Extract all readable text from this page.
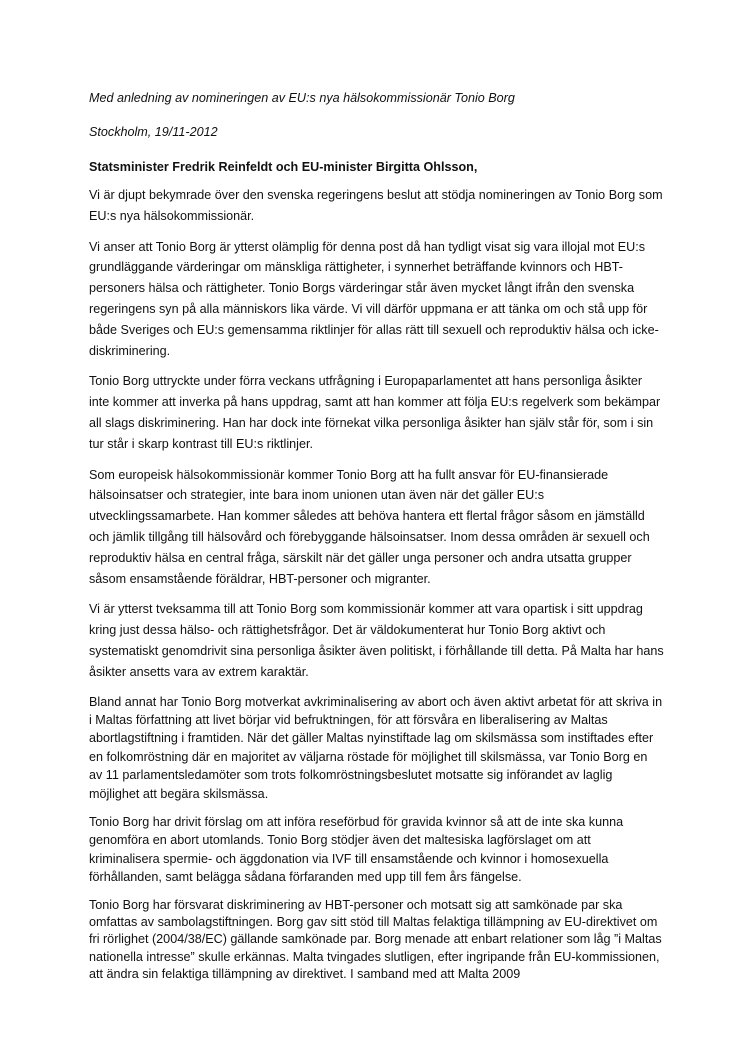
Med anledning av nomineringen av EU:s nya hälsokommissionär Tonio Borg

Stockholm, 19/11-2012

Statsminister Fredrik Reinfeldt och EU-minister Birgitta Ohlsson,

Vi är djupt bekymrade över den svenska regeringens beslut att stödja nomineringen av Tonio Borg som EU:s nya hälsokommissionär.

Vi anser att Tonio Borg är ytterst olämplig för denna post då han tydligt visat sig vara illojal mot EU:s grundläggande värderingar om mänskliga rättigheter, i synnerhet beträffande kvinnors och HBT-personers hälsa och rättigheter. Tonio Borgs värderingar står även mycket långt ifrån den svenska regeringens syn på alla människors lika värde. Vi vill därför uppmana er att tänka om och stå upp för både Sveriges och EU:s gemensamma riktlinjer för allas rätt till sexuell och reproduktiv hälsa och icke-diskriminering.

Tonio Borg uttryckte under förra veckans utfrågning i Europaparlamentet att hans personliga åsikter inte kommer att inverka på hans uppdrag, samt att han kommer att följa EU:s regelverk som bekämpar all slags diskriminering. Han har dock inte förnekat vilka personliga åsikter han själv står för, som i sin tur står i skarp kontrast till EU:s riktlinjer.

Som europeisk hälsokommissionär kommer Tonio Borg att ha fullt ansvar för EU-finansierade hälsoinsatser och strategier, inte bara inom unionen utan även när det gäller EU:s utvecklingssamarbete. Han kommer således att behöva hantera ett flertal frågor såsom en jämställd och jämlik tillgång till hälsovård och förebyggande hälsoinsatser. Inom dessa områden är sexuell och reproduktiv hälsa en central fråga, särskilt när det gäller unga personer och andra utsatta grupper såsom ensamstående föräldrar, HBT-personer och migranter.

Vi är ytterst tveksamma till att Tonio Borg som kommissionär kommer att vara opartisk i sitt uppdrag kring just dessa hälso- och rättighetsfrågor. Det är väldokumenterat hur Tonio Borg aktivt och systematiskt genomdrivit sina personliga åsikter även politiskt, i förhållande till detta. På Malta har hans åsikter ansetts vara av extrem karaktär.

Bland annat har Tonio Borg motverkat avkriminalisering av abort och även aktivt arbetat för att skriva in i Maltas författning att livet börjar vid befruktningen, för att försvåra en liberalisering av Maltas abortlagstiftning i framtiden. När det gäller Maltas nyinstiftade lag om skilsmässa som instiftades efter en folkomröstning där en majoritet av väljarna röstade för möjlighet till skilsmässa, var Tonio Borg en av 11 parlamentsledamöter som trots folkomröstningsbeslutet motsatte sig införandet av laglig möjlighet att begära skilsmässa.

Tonio Borg har drivit förslag om att införa reseförbud för gravida kvinnor så att de inte ska kunna genomföra en abort utomlands. Tonio Borg stödjer även det maltesiska lagförslaget om att kriminalisera spermie- och äggdonation via IVF till ensamstående och kvinnor i homosexuella förhållanden, samt belägga sådana förfaranden med upp till fem års fängelse.

Tonio Borg har försvarat diskriminering av HBT-personer och motsatt sig att samkönade par ska omfattas av sambolagstiftningen. Borg gav sitt stöd till Maltas felaktiga tillämpning av EU-direktivet om fri rörlighet (2004/38/EC) gällande samkönade par. Borg menade att enbart relationer som låg ”i Maltas nationella intresse” skulle erkännas. Malta tvingades slutligen, efter ingripande från EU-kommissionen, att ändra sin felaktiga tillämpning av direktivet. I samband med att Malta 2009
